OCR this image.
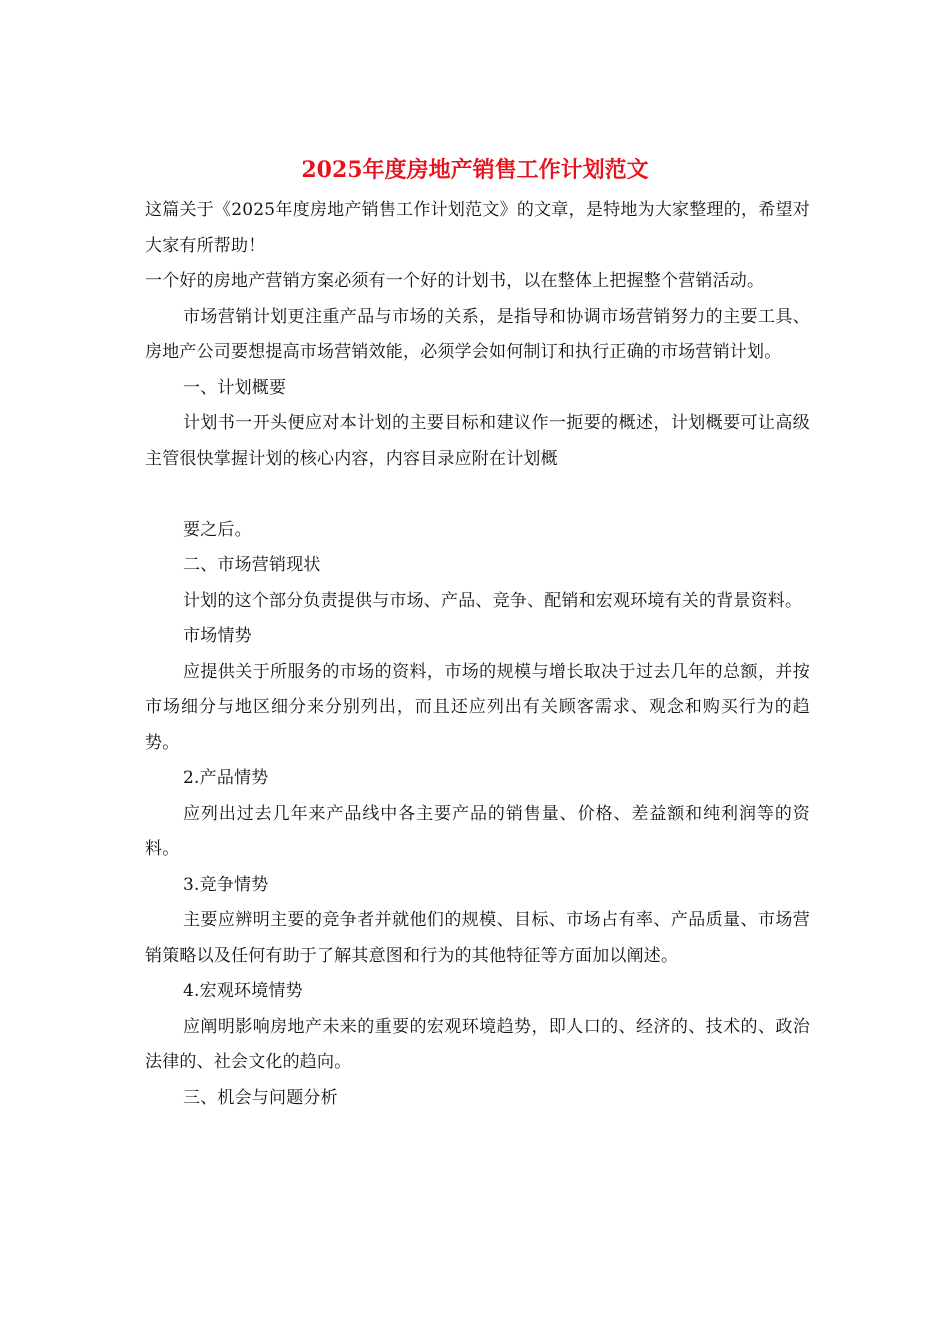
2025年度房地产销售工作计划范文

这篇关于《2025年度房地产销售工作计划范文》的文章，是特地为大家整理的，希望对大家有所帮助！

一个好的房地产营销方案必须有一个好的计划书，以在整体上把握整个营销活动。

市场营销计划更注重产品与市场的关系，是指导和协调市场营销努力的主要工具、房地产公司要想提高市场营销效能，必须学会如何制订和执行正确的市场营销计划。

一、计划概要

计划书一开头便应对本计划的主要目标和建议作一扼要的概述，计划概要可让高级主管很快掌握计划的核心内容，内容目录应附在计划概

要之后。

二、市场营销现状

计划的这个部分负责提供与市场、产品、竞争、配销和宏观环境有关的背景资料。

市场情势

应提供关于所服务的市场的资料，市场的规模与增长取决于过去几年的总额，并按市场细分与地区细分来分别列出，而且还应列出有关顾客需求、观念和购买行为的趋势。

2.产品情势

应列出过去几年来产品线中各主要产品的销售量、价格、差益额和纯利润等的资料。

3.竞争情势

主要应辨明主要的竞争者并就他们的规模、目标、市场占有率、产品质量、市场营销策略以及任何有助于了解其意图和行为的其他特征等方面加以阐述。

4.宏观环境情势

应阐明影响房地产未来的重要的宏观环境趋势，即人口的、经济的、技术的、政治法律的、社会文化的趋向。

三、机会与问题分析
